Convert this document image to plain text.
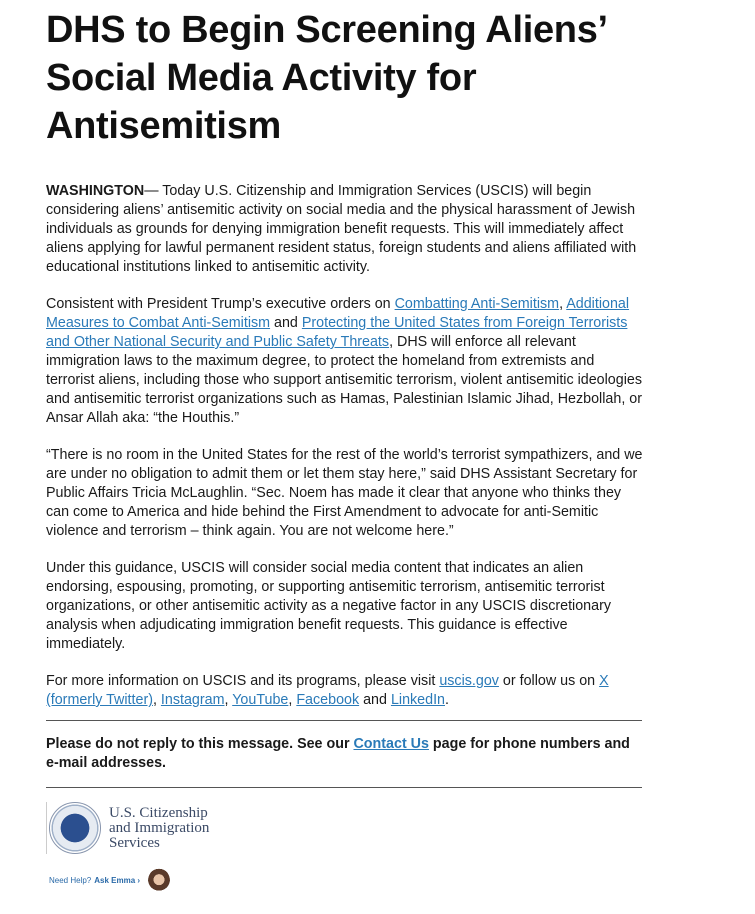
DHS to Begin Screening Aliens’ Social Media Activity for Antisemitism

WASHINGTON— Today U.S. Citizenship and Immigration Services (USCIS) will begin considering aliens’ antisemitic activity on social media and the physical harassment of Jewish individuals as grounds for denying immigration benefit requests. This will immediately affect aliens applying for lawful permanent resident status, foreign students and aliens affiliated with educational institutions linked to antisemitic activity.

Consistent with President Trump’s executive orders on Combatting Anti-Semitism, Additional Measures to Combat Anti-Semitism and Protecting the United States from Foreign Terrorists and Other National Security and Public Safety Threats, DHS will enforce all relevant immigration laws to the maximum degree, to protect the homeland from extremists and terrorist aliens, including those who support antisemitic terrorism, violent antisemitic ideologies and antisemitic terrorist organizations such as Hamas, Palestinian Islamic Jihad, Hezbollah, or Ansar Allah aka: “the Houthis.”

“There is no room in the United States for the rest of the world’s terrorist sympathizers, and we are under no obligation to admit them or let them stay here,” said DHS Assistant Secretary for Public Affairs Tricia McLaughlin. “Sec. Noem has made it clear that anyone who thinks they can come to America and hide behind the First Amendment to advocate for anti-Semitic violence and terrorism – think again. You are not welcome here.”

Under this guidance, USCIS will consider social media content that indicates an alien endorsing, espousing, promoting, or supporting antisemitic terrorism, antisemitic terrorist organizations, or other antisemitic activity as a negative factor in any USCIS discretionary analysis when adjudicating immigration benefit requests. This guidance is effective immediately.

For more information on USCIS and its programs, please visit uscis.gov or follow us on X (formerly Twitter), Instagram, YouTube, Facebook and LinkedIn.

Please do not reply to this message. See our Contact Us page for phone numbers and e-mail addresses.
U.S. Citizenship
and Immigration
Services
Need Help? Ask Emma ›
